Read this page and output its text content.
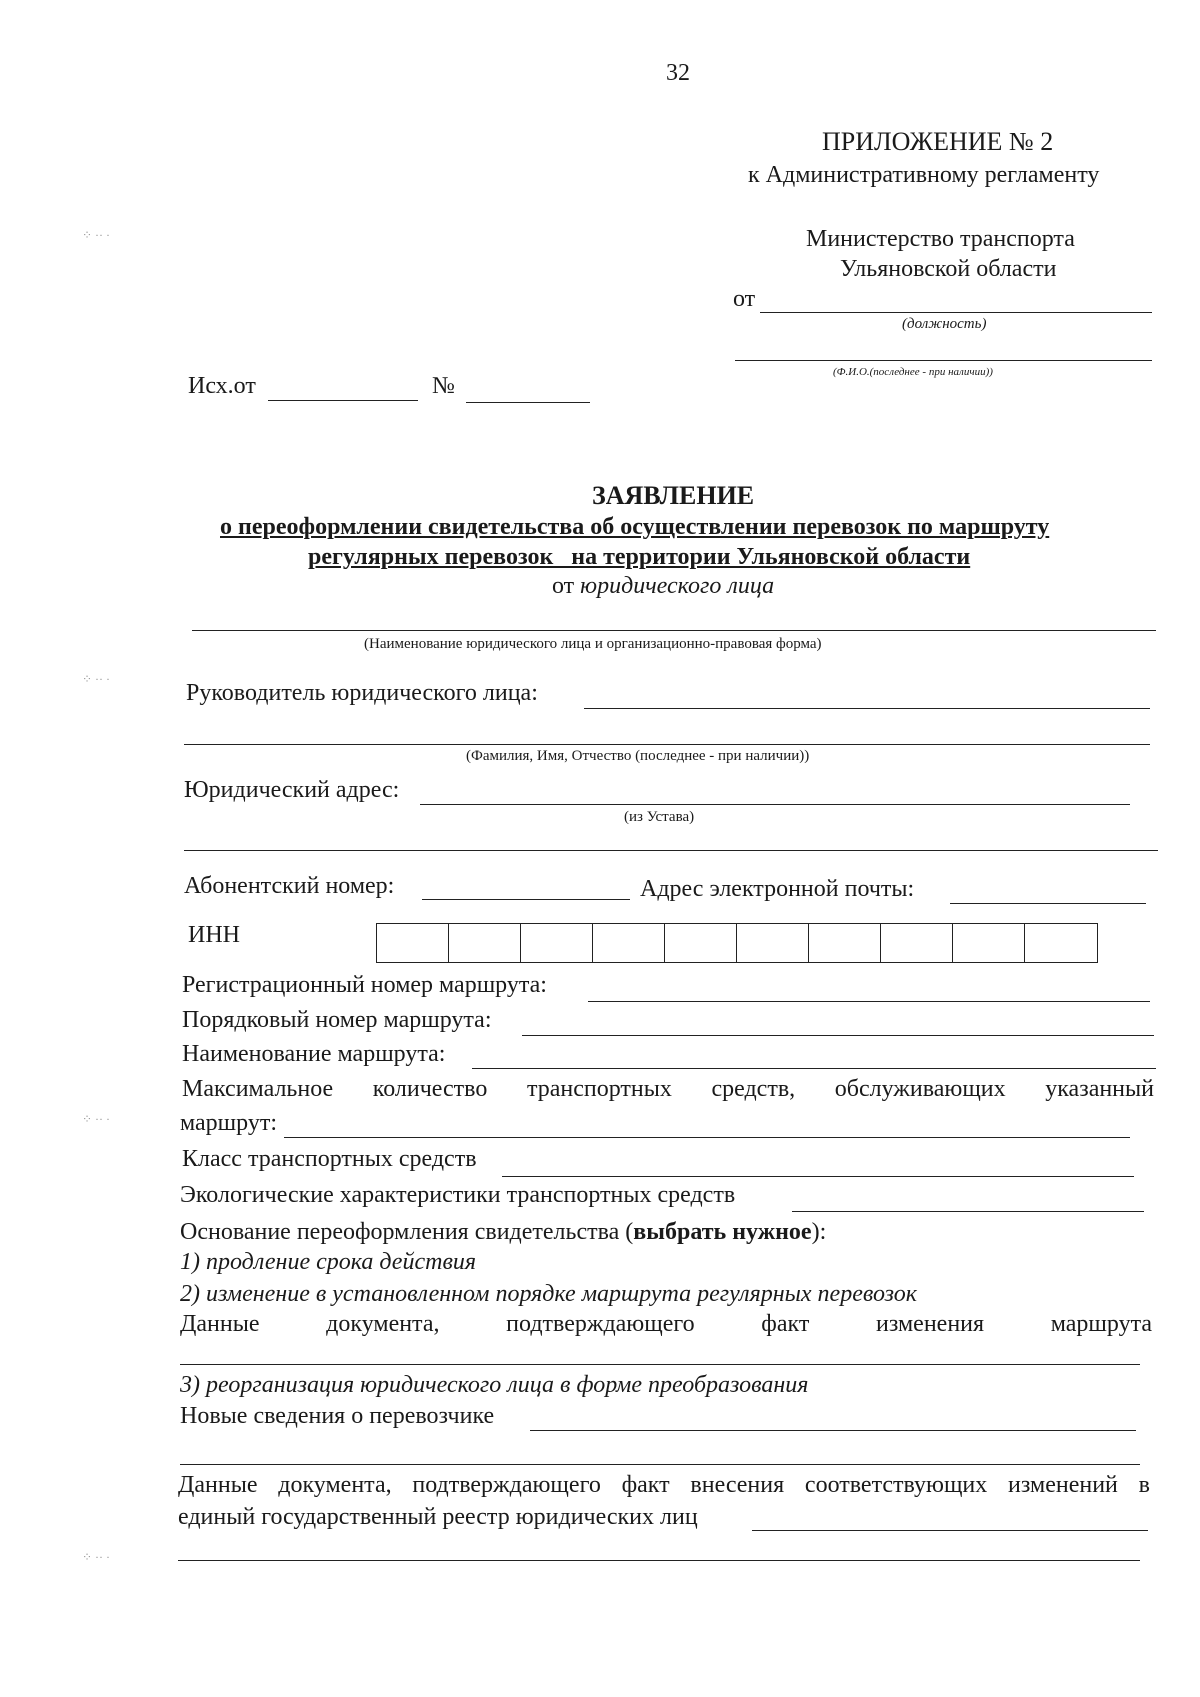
32
ПРИЛОЖЕНИЕ № 2
к Административному регламенту
Министерство транспорта
Ульяновской области
от
(должность)
(Ф.И.О.(последнее - при наличии))
Исх.от	№
ЗАЯВЛЕНИЕ
о переоформлении свидетельства об осуществлении перевозок по маршруту
регулярных перевозок   на территории Ульяновской области
от юридического лица
(Наименование юридического лица и организационно-правовая форма)
Руководитель юридического лица:
(Фамилия, Имя, Отчество (последнее - при наличии))
Юридический адрес:
(из Устава)
Абонентский номер:	Адрес электронной почты:
ИНН
Регистрационный номер маршрута:
Порядковый номер маршрута:
Наименование маршрута:
Максимальное количество транспортных средств, обслуживающих указанный
маршрут:
Класс транспортных средств
Экологические характеристики транспортных средств
Основание переоформления свидетельства (выбрать нужное):
1) продление срока действия
2) изменение в установленном порядке маршрута регулярных перевозок
Данные документа, подтверждающего факт изменения маршрута
3) реорганизация юридического лица в форме преобразования
Новые сведения о перевозчике
Данные документа, подтверждающего факт внесения соответствующих изменений в
единый государственный реестр юридических лиц
⁘ ·· ·
⁘ ·· ·
⁘ ·· ·
⁘ ·· ·
